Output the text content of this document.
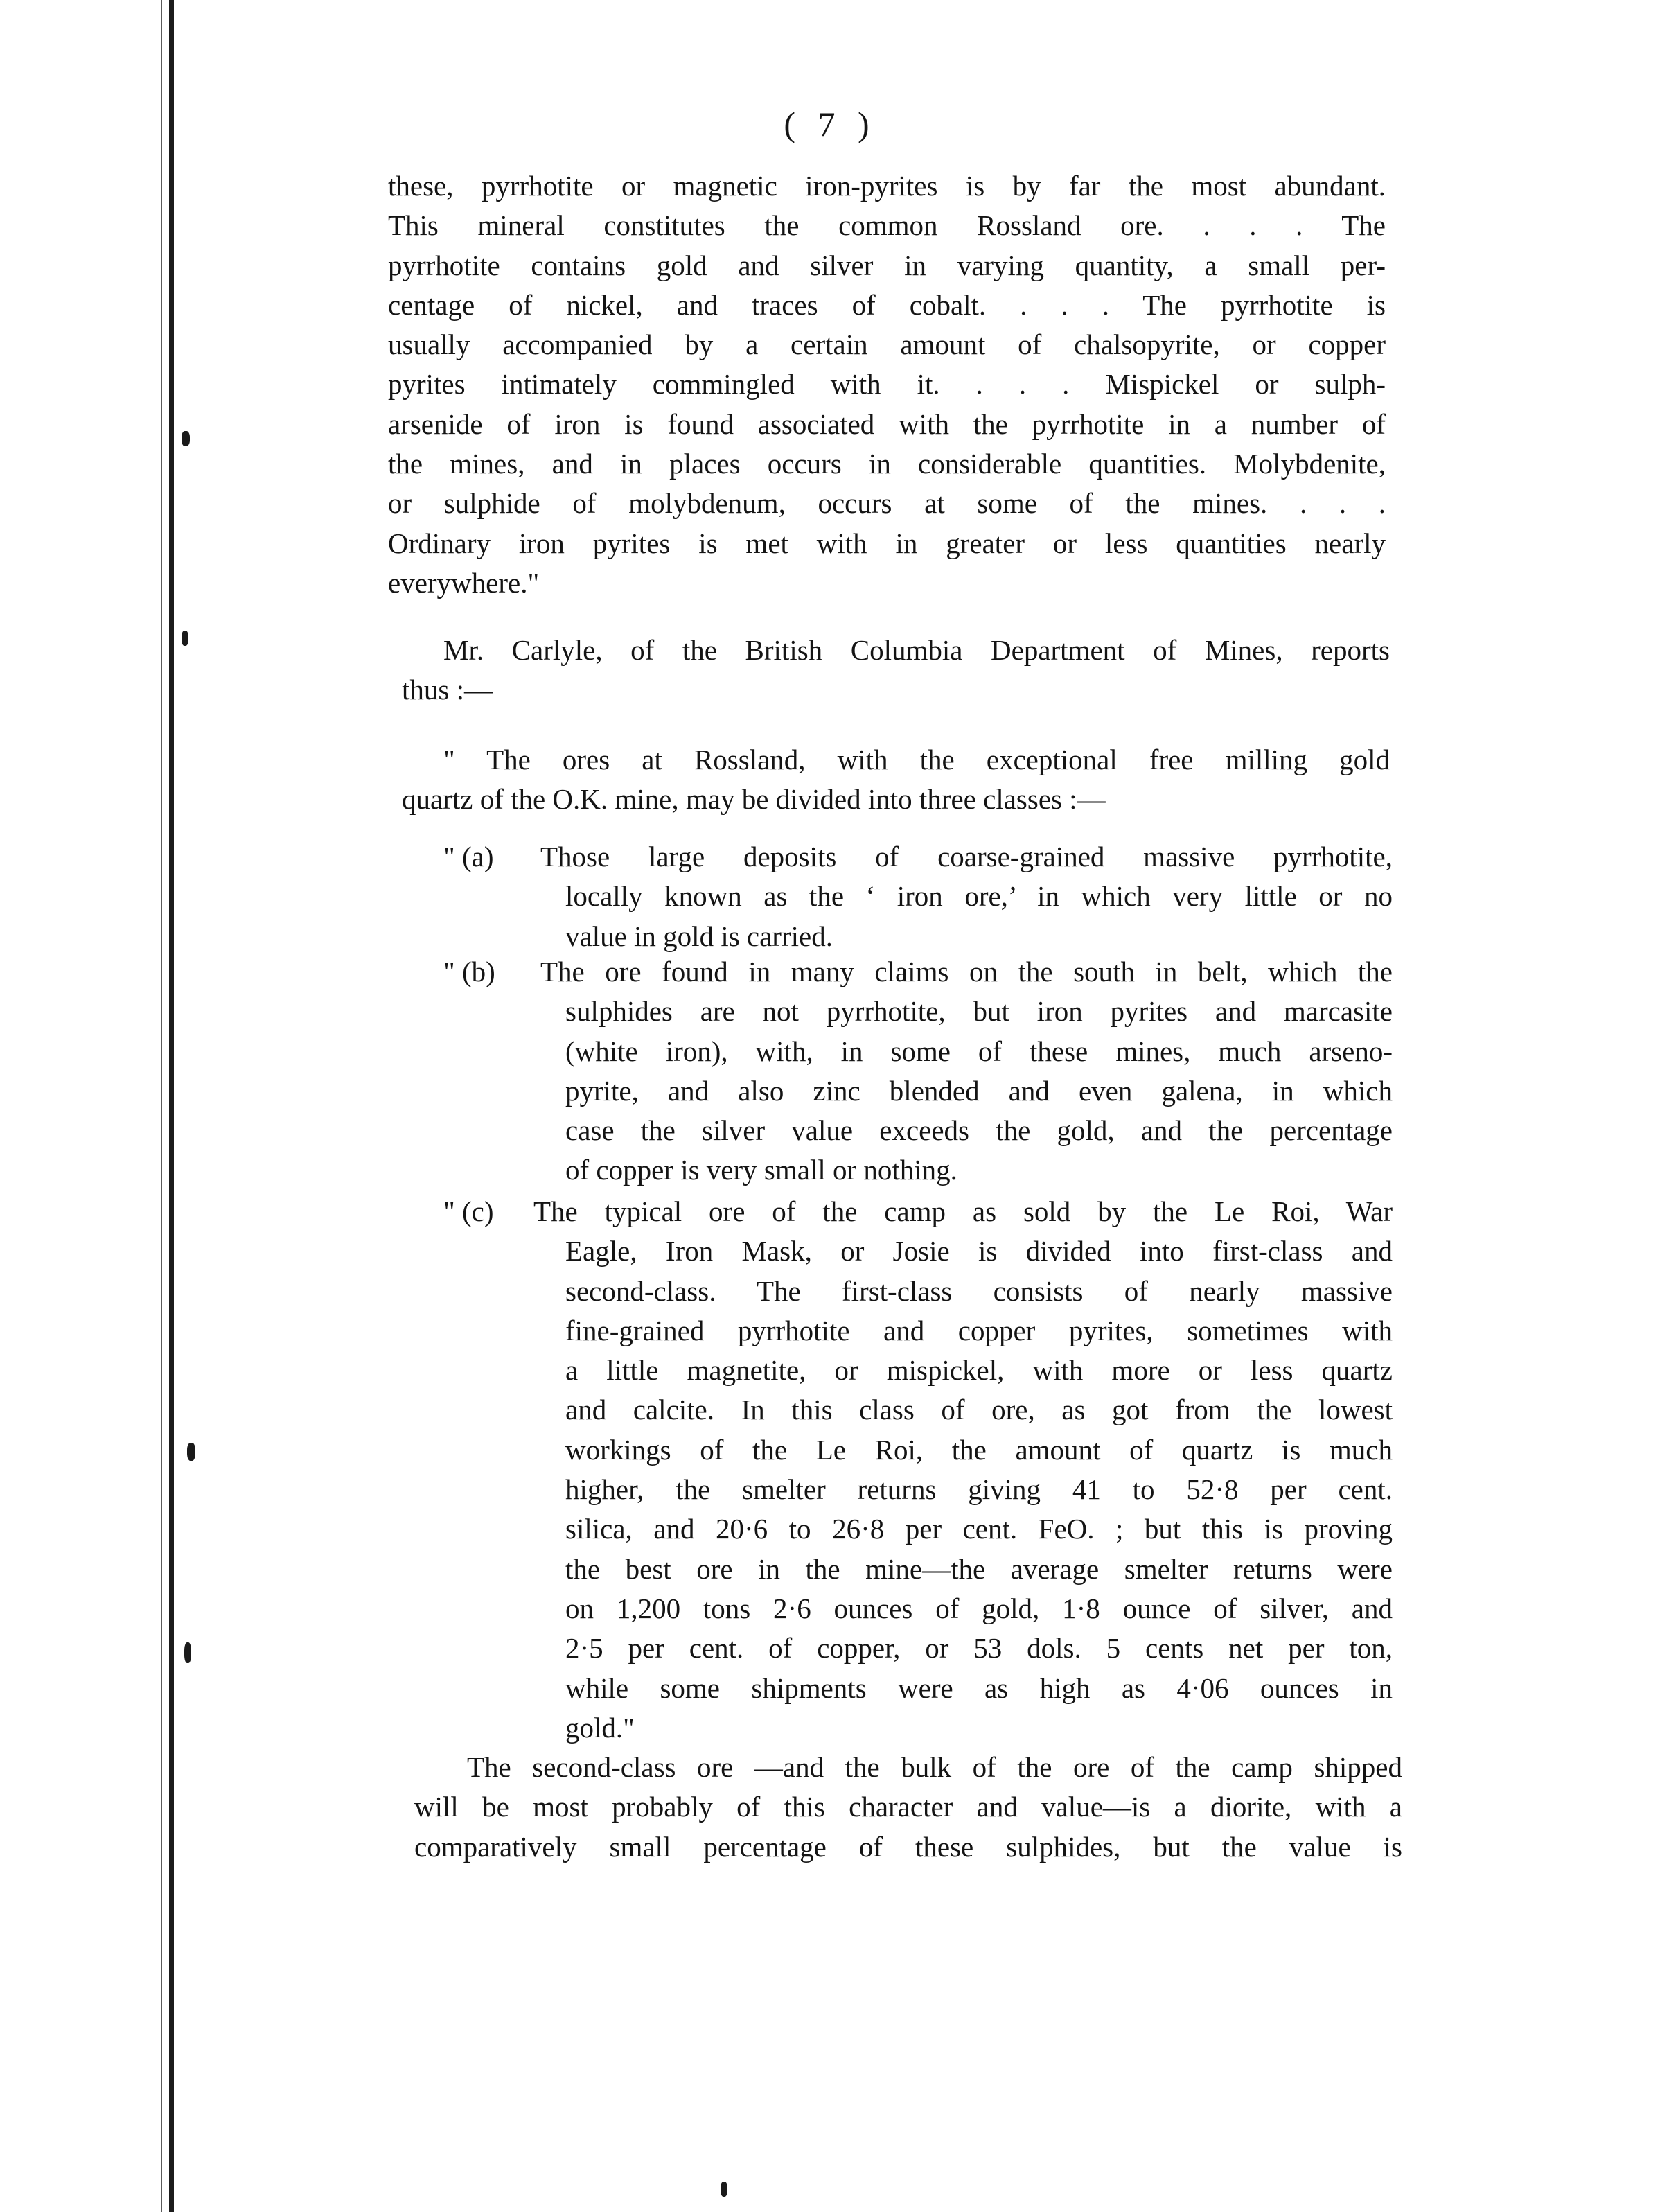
( 7 )
these, pyrrhotite or magnetic iron-pyrites is by far the most abundant.
This mineral constitutes the common Rossland ore. . . . The
pyrrhotite contains gold and silver in varying quantity, a small per-
centage of nickel, and traces of cobalt. . . . The pyrrhotite is
usually accompanied by a certain amount of chalsopyrite, or copper
pyrites intimately commingled with it. . . . Mispickel or sulph-
arsenide of iron is found associated with the pyrrhotite in a number of
the mines, and in places occurs in considerable quantities. Molybdenite,
or sulphide of molybdenum, occurs at some of the mines. . . .
Ordinary iron pyrites is met with in greater or less quantities nearly
everywhere."
Mr. Carlyle, of the British Columbia Department of Mines, reports
thus :—
" The ores at Rossland, with the exceptional free milling gold
quartz of the O.K. mine, may be divided into three classes :—
" (a) Those large deposits of coarse-grained massive pyrrhotite,
locally known as the ‘ iron ore,’ in which very little or no
value in gold is carried.
" (b) The ore found in many claims on the south in belt, which the
sulphides are not pyrrhotite, but iron pyrites and marcasite
(white iron), with, in some of these mines, much arseno-
pyrite, and also zinc blended and even galena, in which
case the silver value exceeds the gold, and the percentage
of copper is very small or nothing.
" (c) The typical ore of the camp as sold by the Le Roi, War
Eagle, Iron Mask, or Josie is divided into first-class and
second-class. The first-class consists of nearly massive
fine-grained pyrrhotite and copper pyrites, sometimes with
a little magnetite, or mispickel, with more or less quartz
and calcite. In this class of ore, as got from the lowest
workings of the Le Roi, the amount of quartz is much
higher, the smelter returns giving 41 to 52·8 per cent.
silica, and 20·6 to 26·8 per cent. FeO. ; but this is proving
the best ore in the mine—the average smelter returns were
on 1,200 tons 2·6 ounces of gold, 1·8 ounce of silver, and
2·5 per cent. of copper, or 53 dols. 5 cents net per ton,
while some shipments were as high as 4·06 ounces in
gold."
The second-class ore —and the bulk of the ore of the camp shipped
will be most probably of this character and value—is a diorite, with a
comparatively small percentage of these sulphides, but the value is
